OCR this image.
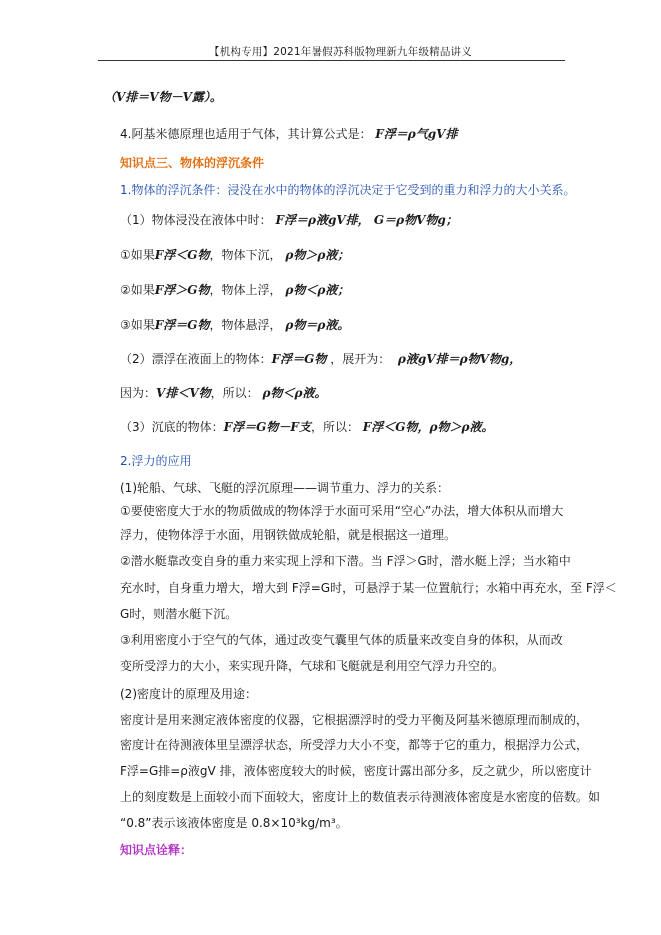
【机构专用】2021年暑假苏科版物理新九年级精品讲义
（V排＝V物－V露）。
4.阿基米德原理也适用于气体，其计算公式是： F浮＝ρ气gV排
知识点三、物体的浮沉条件
1.物体的浮沉条件：浸没在水中的物体的浮沉决定于它受到的重力和浮力的大小关系。
（1）物体浸没在液体中时： F浮＝ρ液gV排， G＝ρ物V物g；
①如果F浮＜G物，物体下沉， ρ物＞ρ液；
②如果F浮＞G物，物体上浮， ρ物＜ρ液；
③如果F浮＝G物，物体悬浮， ρ物＝ρ液。
（2）漂浮在液面上的物体：F浮＝G物 ，展开为： ρ液gV排＝ρ物V物g，
因为：V排＜V物，所以： ρ物＜ρ液。
（3）沉底的物体：F浮＝G物－F支，所以： F浮＜G物，ρ物＞ρ液。
2.浮力的应用
(1)轮船、气球、飞艇的浮沉原理——调节重力、浮力的关系：
①要使密度大于水的物质做成的物体浮于水面可采用“空心”办法，增大体积从而增大
浮力，使物体浮于水面，用钢铁做成轮船，就是根据这一道理。
②潜水艇靠改变自身的重力来实现上浮和下潜。当 F浮＞G时，潜水艇上浮；当水箱中
充水时，自身重力增大，增大到 F浮=G时，可悬浮于某一位置航行；水箱中再充水，至 F浮＜
G时，则潜水艇下沉。
③利用密度小于空气的气体，通过改变气囊里气体的质量来改变自身的体积，从而改
变所受浮力的大小，来实现升降，气球和飞艇就是利用空气浮力升空的。
(2)密度计的原理及用途：
密度计是用来测定液体密度的仪器，它根据漂浮时的受力平衡及阿基米德原理而制成的，
密度计在待测液体里呈漂浮状态，所受浮力大小不变，都等于它的重力，根据浮力公式，
F浮=G排=ρ液gV 排，液体密度较大的时候，密度计露出部分多，反之就少，所以密度计
上的刻度数是上面较小而下面较大，密度计上的数值表示待测液体密度是水密度的倍数。如
“0.8”表示该液体密度是 0.8×10³kg/m³。
知识点诠释：
